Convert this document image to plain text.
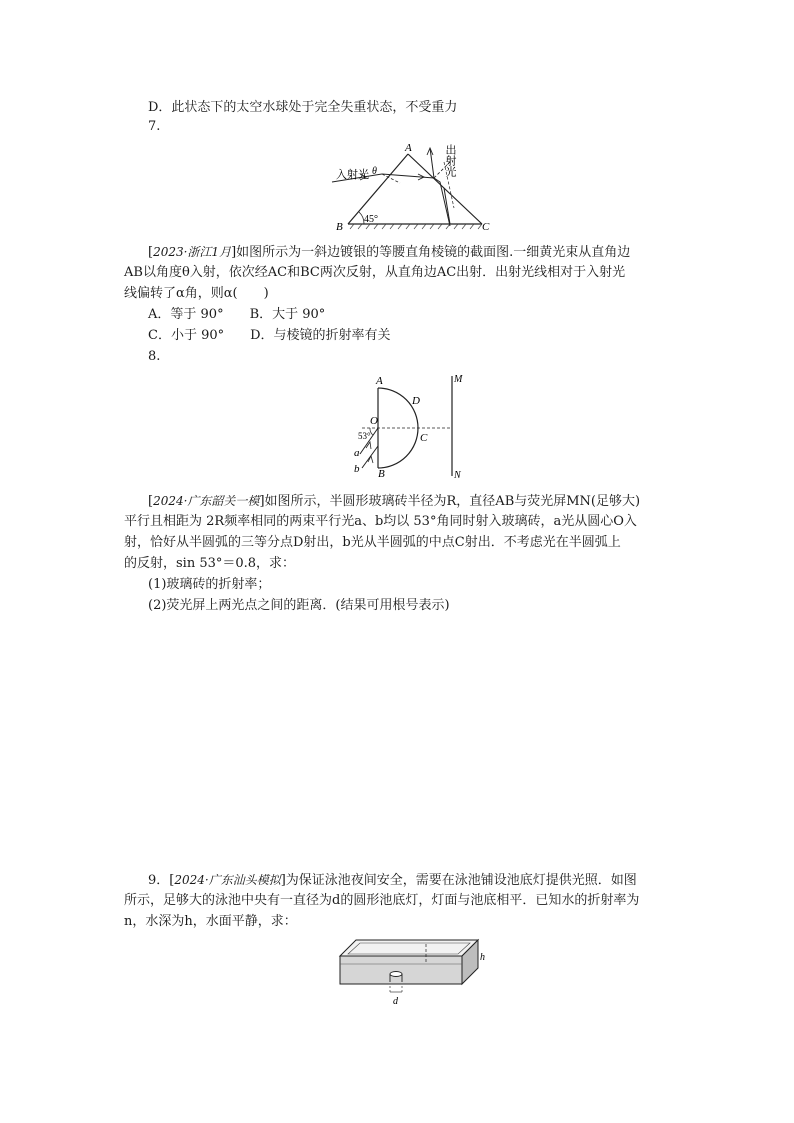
D．此状态下的太空水球处于完全失重状态，不受重力
7.
A
B	C
45°
θ
入射光	出射光
[2023·浙江1月]如图所示为一斜边镀银的等腰直角棱镜的截面图.一细黄光束从直角边
AB以角度θ入射，依次经AC和BC两次反射，从直角边AC出射．出射光线相对于入射光
线偏转了α角，则α(　　)
A．等于 90°　　B．大于 90°
C．小于 90°　　D．与棱镜的折射率有关
8.
A
B
C
D
O
M
N
a
b
53°
[2024·广东韶关一模]如图所示，半圆形玻璃砖半径为R，直径AB与荧光屏MN(足够大)
平行且相距为 2R频率相同的两束平行光a、b均以 53°角同时射入玻璃砖，a光从圆心O入
射，恰好从半圆弧的三等分点D射出，b光从半圆弧的中点C射出．不考虑光在半圆弧上
的反射，sin 53°＝0.8，求：
(1)玻璃砖的折射率；
(2)荧光屏上两光点之间的距离．(结果可用根号表示)
9．[2024·广东汕头模拟]为保证泳池夜间安全，需要在泳池铺设池底灯提供光照．如图
所示，足够大的泳池中央有一直径为d的圆形池底灯，灯面与池底相平．已知水的折射率为
n，水深为h，水面平静，求：
d
h
